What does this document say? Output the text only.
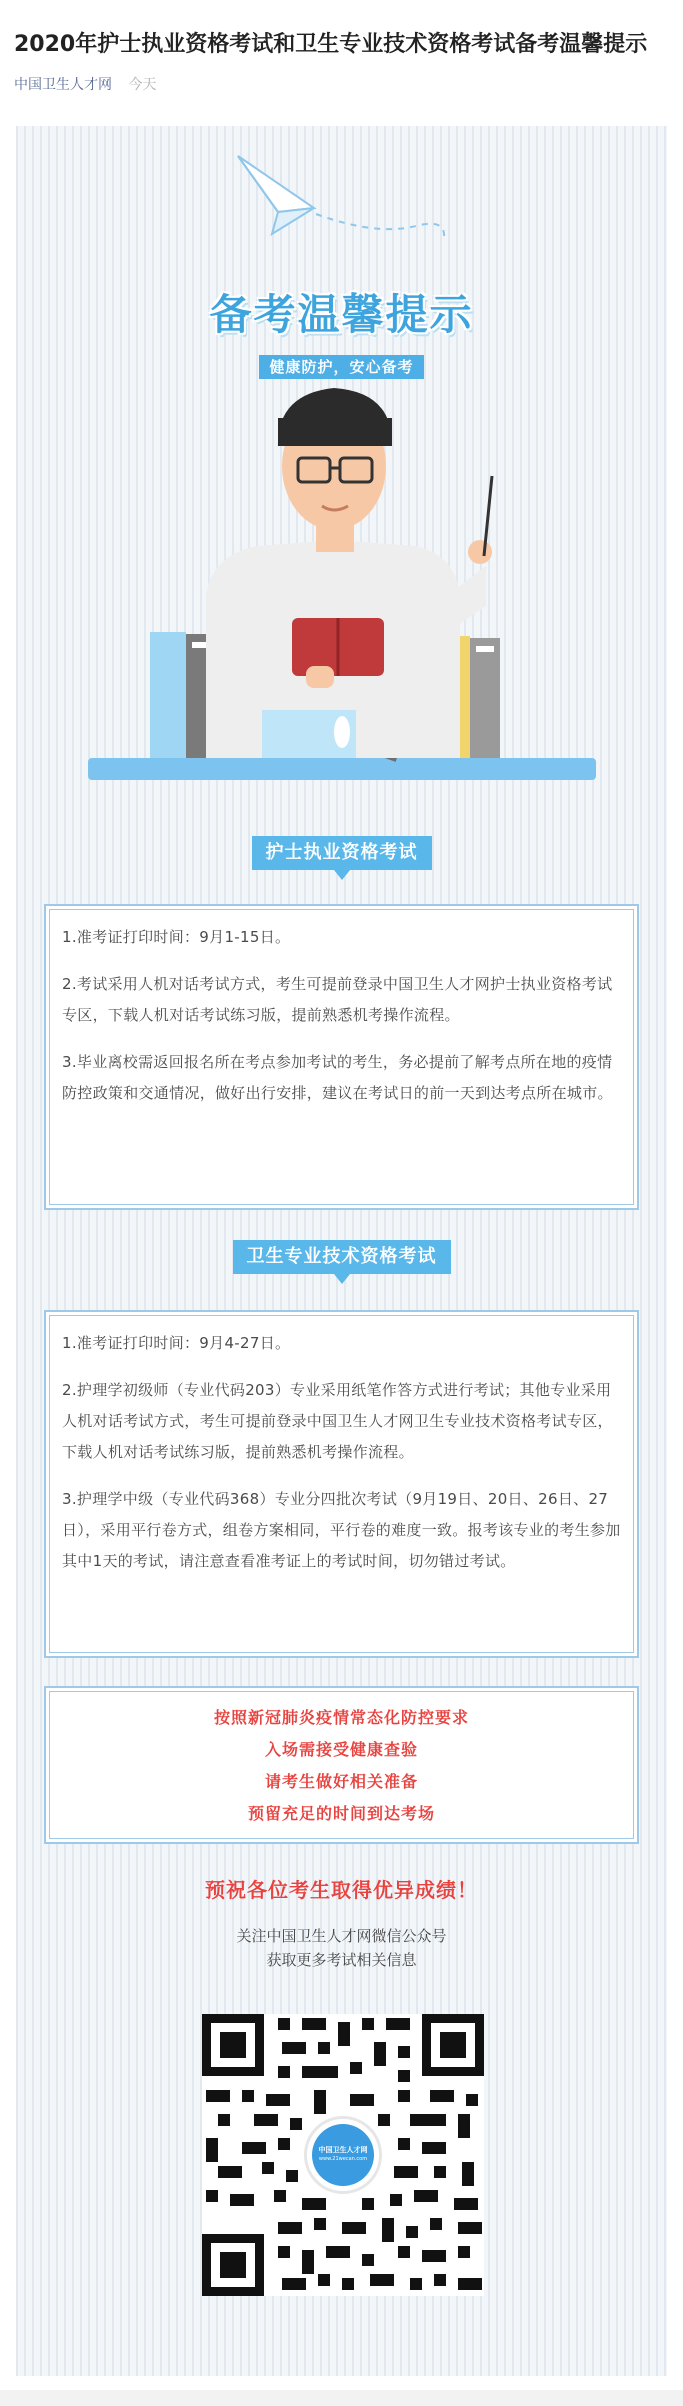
2020年护士执业资格考试和卫生专业技术资格考试备考温馨提示
中国卫生人才网 今天
备考温馨提示
健康防护，安心备考
护士执业资格考试

1.准考证打印时间：9月1-15日。

2.考试采用人机对话考试方式，考生可提前登录中国卫生人才网护士执业资格考试专区，下载人机对话考试练习版，提前熟悉机考操作流程。

3.毕业离校需返回报名所在考点参加考试的考生，务必提前了解考点所在地的疫情防控政策和交通情况，做好出行安排，建议在考试日的前一天到达考点所在城市。

卫生专业技术资格考试

1.准考证打印时间：9月4-27日。

2.护理学初级师（专业代码203）专业采用纸笔作答方式进行考试；其他专业采用人机对话考试方式，考生可提前登录中国卫生人才网卫生专业技术资格考试专区，下载人机对话考试练习版，提前熟悉机考操作流程。

3.护理学中级（专业代码368）专业分四批次考试（9月19日、20日、26日、27日），采用平行卷方式，组卷方案相同，平行卷的难度一致。报考该专业的考生参加其中1天的考试，请注意查看准考证上的考试时间，切勿错过考试。

按照新冠肺炎疫情常态化防控要求
入场需接受健康查验
请考生做好相关准备
预留充足的时间到达考场
预祝各位考生取得优异成绩！
关注中国卫生人才网微信公众号
获取更多考试相关信息
中国卫生人才网
www.21wecan.com
